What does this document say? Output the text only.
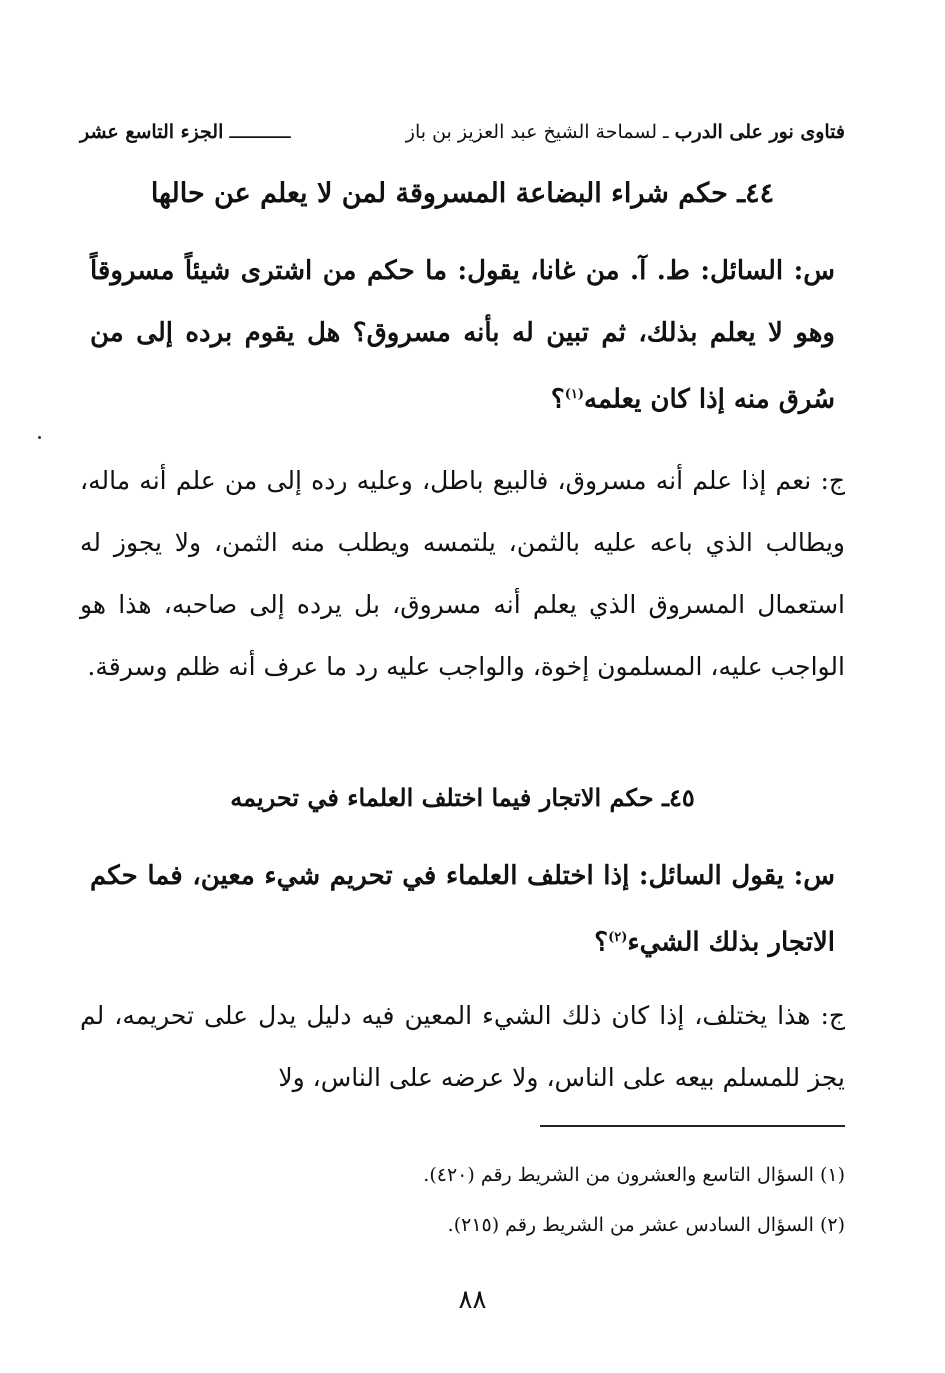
فتاوى نور على الدرب ـ لسماحة الشيخ عبد العزيز بن باز
ـــــــــــ الجزء التاسع عشر
٤٤ـ حكم شراء البضاعة المسروقة لمن لا يعلم عن حالها
س: السائل: ط. آ. من غانا، يقول: ما حكم من اشترى شيئاً مسروقاً وهو لا يعلم بذلك، ثم تبين له بأنه مسروق؟ هل يقوم برده إلى من سُرق منه إذا كان يعلمه$^{(١)}$؟
ج: نعم إذا علم أنه مسروق، فالبيع باطل، وعليه رده إلى من علم أنه ماله، ويطالب الذي باعه عليه بالثمن، يلتمسه ويطلب منه الثمن، ولا يجوز له استعمال المسروق الذي يعلم أنه مسروق، بل يرده إلى صاحبه، هذا هو الواجب عليه، المسلمون إخوة، والواجب عليه رد ما عرف أنه ظلم وسرقة.
٤٥ـ حكم الاتجار فيما اختلف العلماء في تحريمه
س: يقول السائل: إذا اختلف العلماء في تحريم شيء معين، فما حكم الاتجار بذلك الشيء$^{(٢)}$؟
ج: هذا يختلف، إذا كان ذلك الشيء المعين فيه دليل يدل على تحريمه، لم يجز للمسلم بيعه على الناس، ولا عرضه على الناس، ولا
(١) السؤال التاسع والعشرون من الشريط رقم (٤٢٠).
(٢) السؤال السادس عشر من الشريط رقم (٢١٥).
٨٨
